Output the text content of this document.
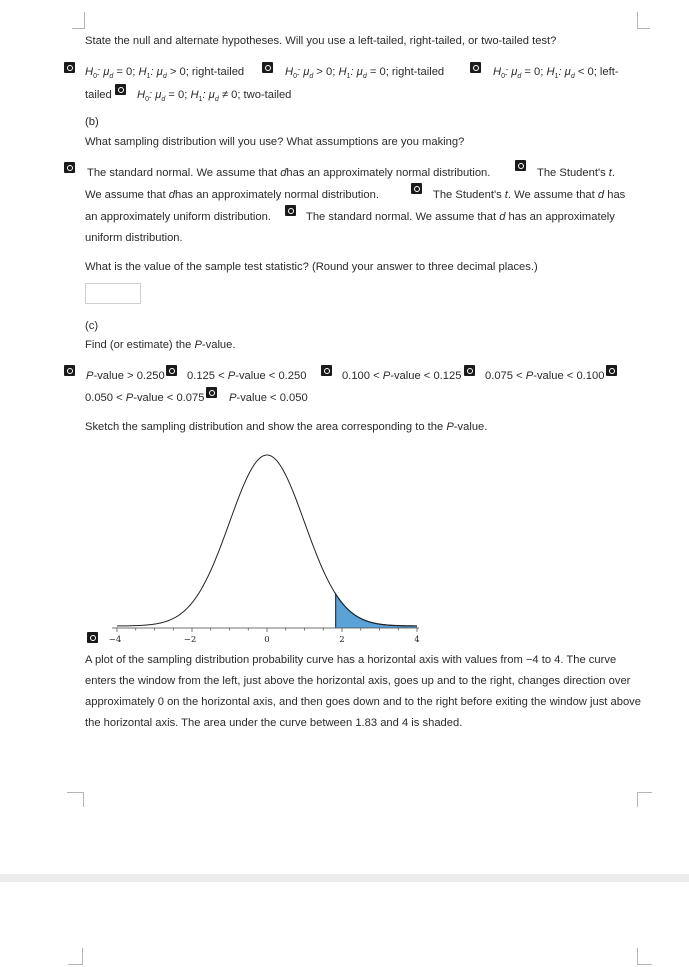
State the null and alternate hypotheses. Will you use a left-tailed, right-tailed, or two-tailed test?
$H_0$: $\mu_d = 0$; $H_1$: $\mu_d > 0$; right-tailed	$H_0$: $\mu_d > 0$; $H_1$: $\mu_d = 0$; right-tailed	$H_0$: $\mu_d = 0$; $H_1$: $\mu_d < 0$; left-
tailed $H_0$: $\mu_d = 0$; $H_1$: $\mu_d \ne 0$; two-tailed
(b)
What sampling distribution will you use? What assumptions are you making?
The standard normal. We assume that dhas an approximately normal distribution.	The Student's t.
We assume that dhas an approximately normal distribution.	The Student's t. We assume that d has
an approximately uniform distribution.	The standard normal. We assume that d has an approximately
uniform distribution.
What is the value of the sample test statistic? (Round your answer to three decimal places.)
(c)
Find (or estimate) the P-value.
P-value > 0.250 0.125 < P-value < 0.250	0.100 < P-value < 0.125 0.075 < P-value < 0.100
0.050 < P-value < 0.075 P-value < 0.050
Sketch the sampling distribution and show the area corresponding to the P-value.
−4	−2	0	2	4
A plot of the sampling distribution probability curve has a horizontal axis with values from −4 to 4. The curve enters the window from the left, just above the horizontal axis, goes up and to the right, changes direction over approximately 0 on the horizontal axis, and then goes down and to the right before exiting the window just above the horizontal axis. The area under the curve between 1.83 and 4 is shaded.
